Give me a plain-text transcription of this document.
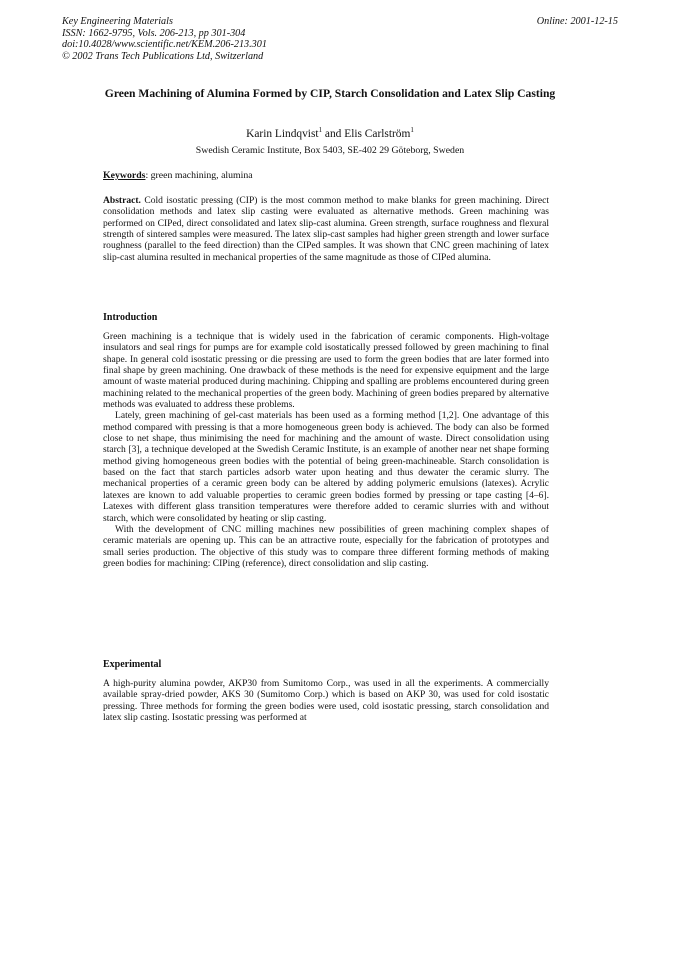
Key Engineering Materials
ISSN: 1662-9795, Vols. 206-213, pp 301-304
doi:10.4028/www.scientific.net/KEM.206-213.301
© 2002 Trans Tech Publications Ltd, Switzerland
Online: 2001-12-15
Green Machining of Alumina Formed by CIP, Starch Consolidation and Latex Slip Casting
Karin Lindqvist$^1$ and Elis Carlström$^1$
Swedish Ceramic Institute, Box 5403, SE-402 29 Göteborg, Sweden
Keywords: green machining, alumina

Abstract. Cold isostatic pressing (CIP) is the most common method to make blanks for green machining. Direct consolidation methods and latex slip casting were evaluated as alternative methods. Green machining was performed on CIPed, direct consolidated and latex slip-cast alumina. Green strength, surface roughness and flexural strength of sintered samples were measured. The latex slip-cast samples had higher green strength and lower surface roughness (parallel to the feed direction) than the CIPed samples. It was shown that CNC green machining of latex slip-cast alumina resulted in mechanical properties of the same magnitude as those of CIPed alumina.

Introduction

Green machining is a technique that is widely used in the fabrication of ceramic components. High-voltage insulators and seal rings for pumps are for example cold isostatically pressed followed by green machining to final shape. In general cold isostatic pressing or die pressing are used to form the green bodies that are later formed into final shape by green machining. One drawback of these methods is the need for expensive equipment and the large amount of waste material produced during machining. Chipping and spalling are problems encountered during green machining related to the mechanical properties of the green body. Machining of green bodies prepared by alternative methods was evaluated to address these problems.

Lately, green machining of gel-cast materials has been used as a forming method [1,2]. One advantage of this method compared with pressing is that a more homogeneous green body is achieved. The body can also be formed close to net shape, thus minimising the need for machining and the amount of waste. Direct consolidation using starch [3], a technique developed at the Swedish Ceramic Institute, is an example of another near net shape forming method giving homogeneous green bodies with the potential of being green-machineable. Starch consolidation is based on the fact that starch particles adsorb water upon heating and thus dewater the ceramic slurry. The mechanical properties of a ceramic green body can be altered by adding polymeric emulsions (latexes). Acrylic latexes are known to add valuable properties to ceramic green bodies formed by pressing or tape casting [4–6]. Latexes with different glass transition temperatures were therefore added to ceramic slurries with and without starch, which were consolidated by heating or slip casting.

With the development of CNC milling machines new possibilities of green machining complex shapes of ceramic materials are opening up. This can be an attractive route, especially for the fabrication of prototypes and small series production. The objective of this study was to compare three different forming methods of making green bodies for machining: CIPing (reference), direct consolidation and slip casting.

Experimental

A high-purity alumina powder, AKP30 from Sumitomo Corp., was used in all the experiments. A commercially available spray-dried powder, AKS 30 (Sumitomo Corp.) which is based on AKP 30, was used for cold isostatic pressing. Three methods for forming the green bodies were used, cold isostatic pressing, starch consolidation and latex slip casting. Isostatic pressing was performed at
